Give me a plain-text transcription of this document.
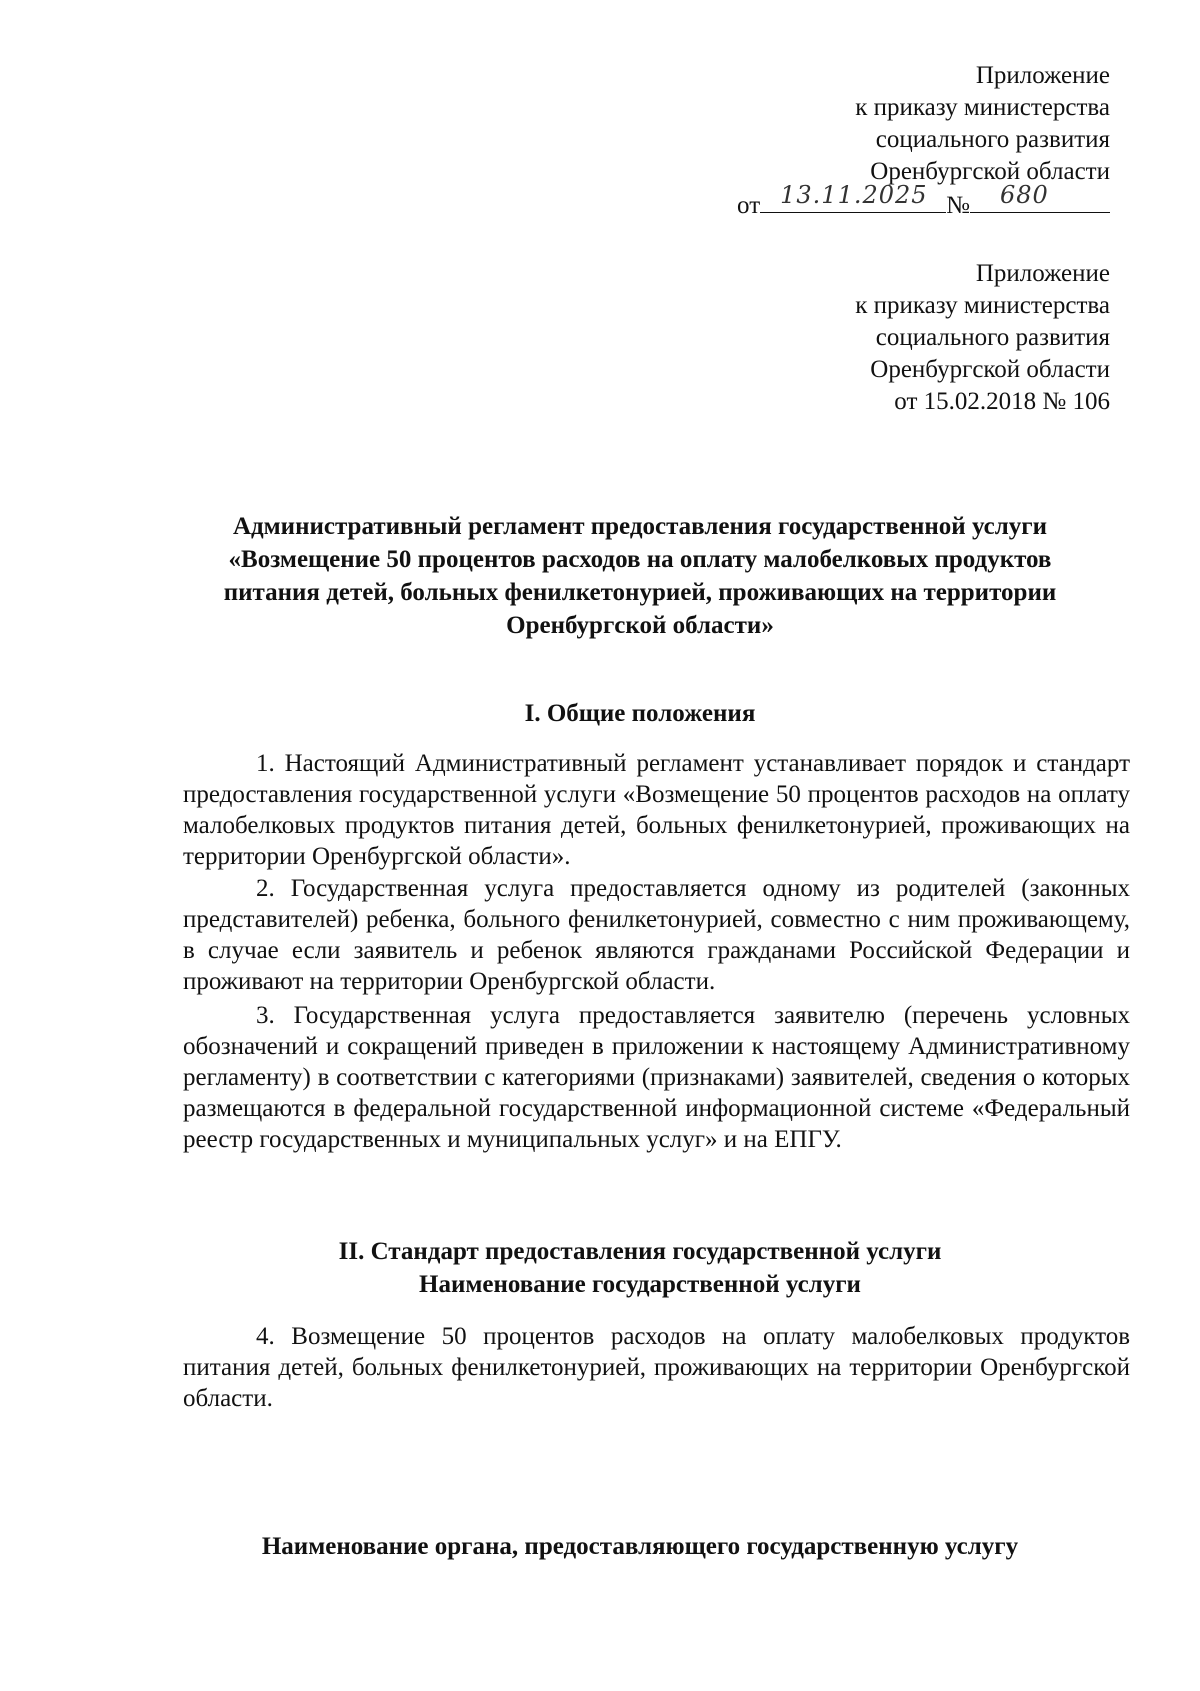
Приложение
к приказу министерства
социального развития
Оренбургской области
от 13.11.2025 № 680
Приложение
к приказу министерства
социального развития
Оренбургской области
от 15.02.2018 № 106
Административный регламент предоставления государственной услуги
«Возмещение 50 процентов расходов на оплату малобелковых продуктов
питания детей, больных фенилкетонурией, проживающих на территории
Оренбургской области»
I. Общие положения

1. Настоящий Административный регламент устанавливает порядок и стандарт предоставления государственной услуги «Возмещение 50 процентов расходов на оплату малобелковых продуктов питания детей, больных фенилкетонурией, проживающих на территории Оренбургской области».

2. Государственная услуга предоставляется одному из родителей (законных представителей) ребенка, больного фенилкетонурией, совместно с ним проживающему, в случае если заявитель и ребенок являются гражданами Российской Федерации и проживают на территории Оренбургской области.

3. Государственная услуга предоставляется заявителю (перечень условных обозначений и сокращений приведен в приложении к настоящему Административному регламенту) в соответствии с категориями (признаками) заявителей, сведения о которых размещаются в федеральной государственной информационной системе «Федеральный реестр государственных и муниципальных услуг» и на ЕПГУ.

II. Стандарт предоставления государственной услуги
Наименование государственной услуги

4. Возмещение 50 процентов расходов на оплату малобелковых продуктов питания детей, больных фенилкетонурией, проживающих на территории Оренбургской области.

Наименование органа, предоставляющего государственную услугу
